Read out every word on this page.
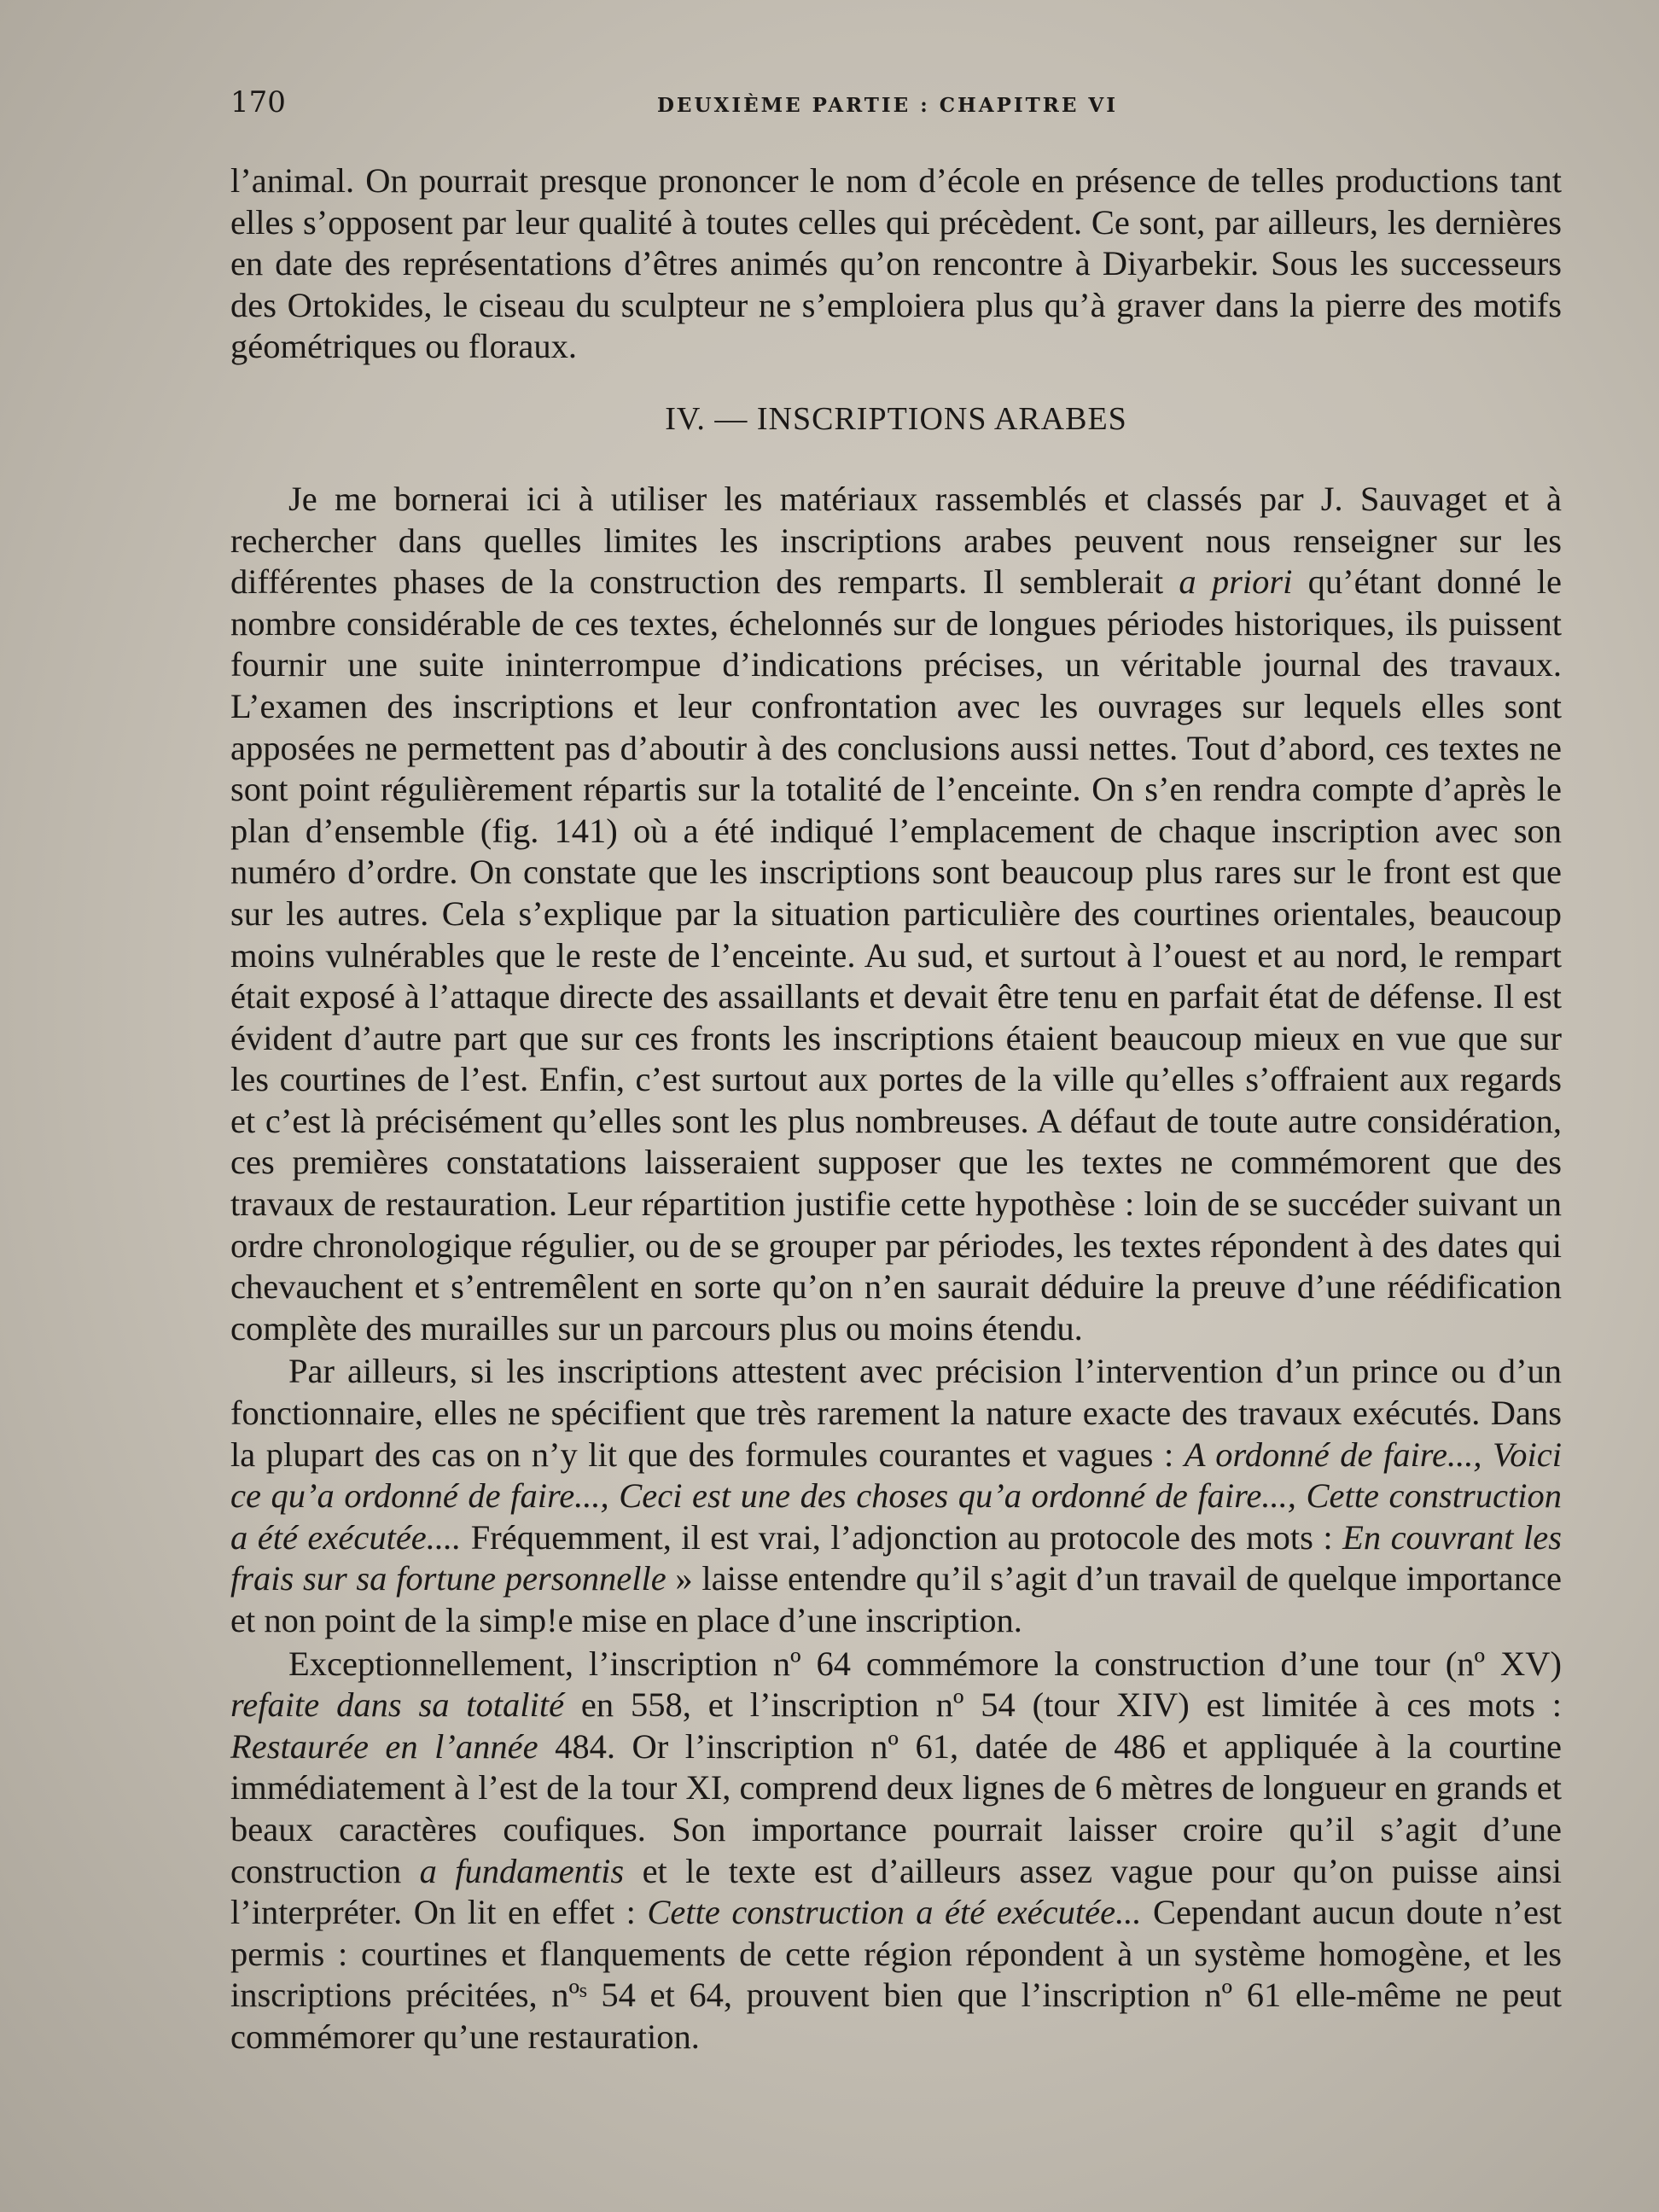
170	DEUXIÈME PARTIE : CHAPITRE VI

l’animal. On pourrait presque prononcer le nom d’école en présence de telles productions tant elles s’opposent par leur qualité à toutes celles qui précèdent. Ce sont, par ailleurs, les dernières en date des représentations d’êtres animés qu’on rencontre à Diyarbekir. Sous les successeurs des Ortokides, le ciseau du sculpteur ne s’emploiera plus qu’à graver dans la pierre des motifs géométriques ou floraux.

IV. — INSCRIPTIONS ARABES

Je me bornerai ici à utiliser les matériaux rassemblés et classés par J. Sauvaget et à rechercher dans quelles limites les inscriptions arabes peuvent nous renseigner sur les différentes phases de la construction des remparts. Il semblerait a priori qu’étant donné le nombre considérable de ces textes, échelonnés sur de longues périodes historiques, ils puissent fournir une suite ininterrompue d’indications précises, un véritable journal des travaux. L’examen des inscriptions et leur confrontation avec les ouvrages sur lequels elles sont apposées ne permettent pas d’aboutir à des conclusions aussi nettes. Tout d’abord, ces textes ne sont point régulièrement répartis sur la totalité de l’enceinte. On s’en rendra compte d’après le plan d’ensemble (fig. 141) où a été indiqué l’emplacement de chaque inscription avec son numéro d’ordre. On constate que les inscriptions sont beaucoup plus rares sur le front est que sur les autres. Cela s’explique par la situation particulière des courtines orientales, beaucoup moins vulnérables que le reste de l’enceinte. Au sud, et surtout à l’ouest et au nord, le rempart était exposé à l’attaque directe des assaillants et devait être tenu en parfait état de défense. Il est évident d’autre part que sur ces fronts les inscriptions étaient beaucoup mieux en vue que sur les courtines de l’est. Enfin, c’est surtout aux portes de la ville qu’elles s’offraient aux regards et c’est là précisément qu’elles sont les plus nombreuses. A défaut de toute autre considération, ces premières constatations laisseraient supposer que les textes ne commémorent que des travaux de restauration. Leur répartition justifie cette hypothèse : loin de se succéder suivant un ordre chronologique régulier, ou de se grouper par périodes, les textes répondent à des dates qui chevauchent et s’entremêlent en sorte qu’on n’en saurait déduire la preuve d’une réédification complète des murailles sur un parcours plus ou moins étendu.

Par ailleurs, si les inscriptions attestent avec précision l’intervention d’un prince ou d’un fonctionnaire, elles ne spécifient que très rarement la nature exacte des travaux exécutés. Dans la plupart des cas on n’y lit que des formules courantes et vagues : A ordonné de faire..., Voici ce qu’a ordonné de faire..., Ceci est une des choses qu’a ordonné de faire..., Cette construction a été exécutée.... Fréquemment, il est vrai, l’adjonction au protocole des mots : En couvrant les frais sur sa fortune personnelle » laisse entendre qu’il s’agit d’un travail de quelque importance et non point de la simp!e mise en place d’une inscription.

Exceptionnellement, l’inscription nº 64 commémore la construction d’une tour (nº XV) refaite dans sa totalité en 558, et l’inscription nº 54 (tour XIV) est limitée à ces mots : Restaurée en l’année 484. Or l’inscription nº 61, datée de 486 et appliquée à la courtine immédiatement à l’est de la tour XI, comprend deux lignes de 6 mètres de longueur en grands et beaux caractères coufiques. Son importance pourrait laisser croire qu’il s’agit d’une construction a fundamentis et le texte est d’ailleurs assez vague pour qu’on puisse ainsi l’interpréter. On lit en effet : Cette construction a été exécutée... Cependant aucun doute n’est permis : courtines et flanquements de cette région répondent à un système homogène, et les inscriptions précitées, nºˢ 54 et 64, prouvent bien que l’inscription nº 61 elle-même ne peut commémorer qu’une restauration.
